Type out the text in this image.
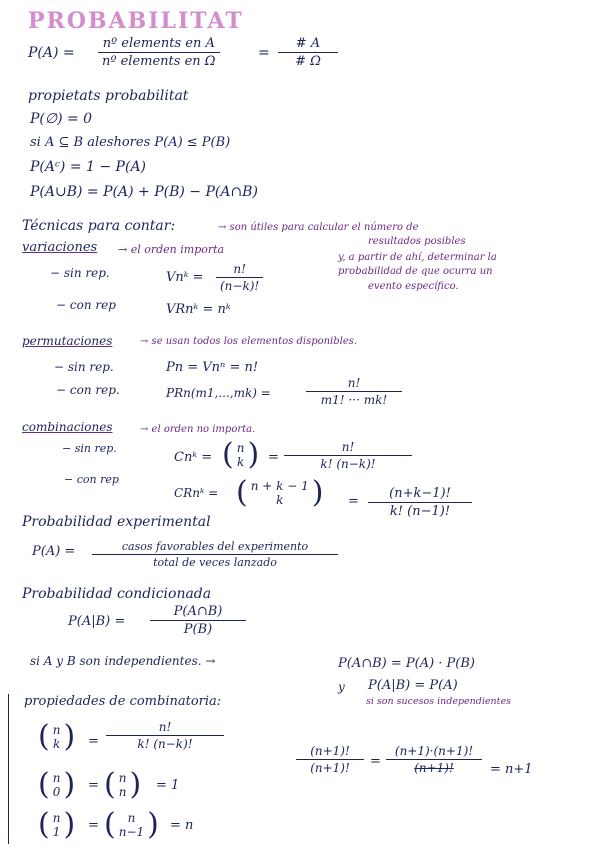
PROBABILITAT
P(A) =
nº elements en A
nº elements en Ω
=
# A
# Ω
propietats probabilitat
P(∅) = 0
si A ⊆ B aleshores P(A) ≤ P(B)
P(Aᶜ) = 1 − P(A)
P(A∪B) = P(A) + P(B) − P(A∩B)
Técnicas para contar:	→ son útiles para calcular el número de
resultados posibles
y, a partir de ahí, determinar la
probabilidad de que ocurra un
evento específico.
variaciones → el orden importa
− sin rep.	Vnᵏ =
n!
(n−k)!
− con rep	VRnᵏ = nᵏ
permutaciones	→ se usan todos los elementos disponibles.
− sin rep.	Pn = Vnⁿ = n!
− con rep.	PRn(m1,...,mk) =
n!
m1! ··· mk!
combinaciones	→ el orden no importa.
− sin rep.
Cnᵏ = ( n
k ) =
n!
k! (n−k)!
− con rep
CRnᵏ = ( n + k − 1
k ) =
(n+k−1)!
k! (n−1)!
Probabilidad experimental
P(A) =	casos favorables del experimento
total de veces lanzado
Probabilidad condicionada
P(A|B) =
P(A∩B)
P(B)
si A y B son independientes. →	P(A∩B) = P(A) · P(B)
y P(A|B) = P(A)
si son sucesos independientes
propiedades de combinatoria:
( n
k ) =
n!
k! (n−k)!
( n
0 ) = ( n
n ) = 1
( n
1 ) = ( n
n−1 ) = n
(n+1)!
(n+1)!	=
(n+1)·(n+1)!
(n+1)!	= n+1
